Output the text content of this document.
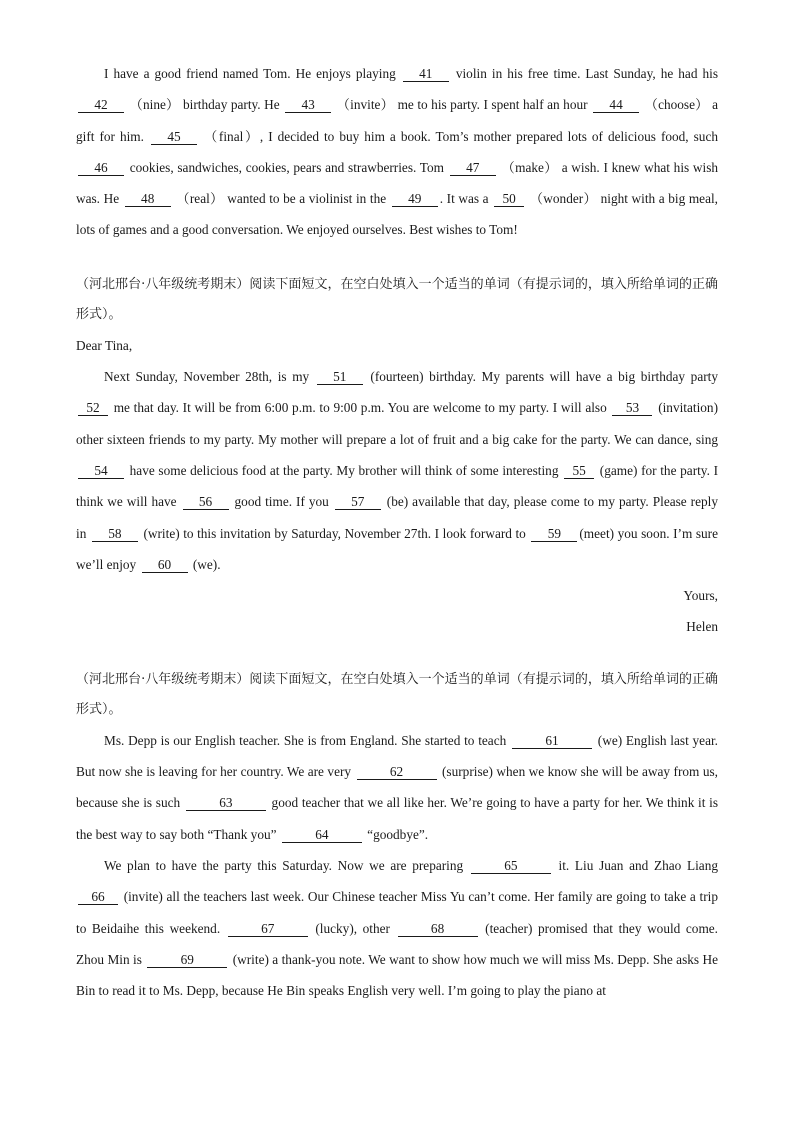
I have a good friend named Tom. He enjoys playing 41 violin in his free time. Last Sunday, he had his 42 （nine） birthday party. He 43 （invite） me to his party. I spent half an hour 44 （choose） a gift for him. 45 （final）, I decided to buy him a book. Tom’s mother prepared lots of delicious food, such 46 cookies, sandwiches, cookies, pears and strawberries. Tom 47 （make） a wish. I knew what his wish was. He 48 （real） wanted to be a violinist in the 49 . It was a 50 （wonder） night with a big meal, lots of games and a good conversation. We enjoyed ourselves. Best wishes to Tom!

（河北邢台·八年级统考期末）阅读下面短文，在空白处填入一个适当的单词（有提示词的，填入所给单词的正确形式）。

Dear Tina,

Next Sunday, November 28th, is my 51 (fourteen) birthday. My parents will have a big birthday party 52 me that day. It will be from 6:00 p.m. to 9:00 p.m. You are welcome to my party. I will also 53 (invitation) other sixteen friends to my party. My mother will prepare a lot of fruit and a big cake for the party. We can dance, sing 54 have some delicious food at the party. My brother will think of some interesting 55 (game) for the party. I think we will have 56 good time. If you 57 (be) available that day, please come to my party. Please reply in 58 (write) to this invitation by Saturday, November 27th. I look forward to 59 (meet) you soon. I’m sure we’ll enjoy 60 (we).

Yours,

Helen

（河北邢台·八年级统考期末）阅读下面短文，在空白处填入一个适当的单词（有提示词的，填入所给单词的正确形式）。

Ms. Depp is our English teacher. She is from England. She started to teach	61	(we) English last year. But now she is leaving for her country. We are very	62	(surprise) when we know she will be away from us, because she is such	63	good teacher that we all like her. We’re going to have a party for her. We think it is the best way to say both “Thank you”	64	“goodbye”.

We plan to have the party this Saturday. Now we are preparing	65	it. Liu Juan and Zhao Liang 66 (invite) all the teachers last week. Our Chinese teacher Miss Yu can’t come. Her family are going to take a trip to Beidaihe this weekend.	67	(lucky), other	68	(teacher) promised that they would come. Zhou Min is	69	(write) a thank-you note. We want to show how much we will miss Ms. Depp. She asks He Bin to read it to Ms. Depp, because He Bin speaks English very well. I’m going to play the piano at
